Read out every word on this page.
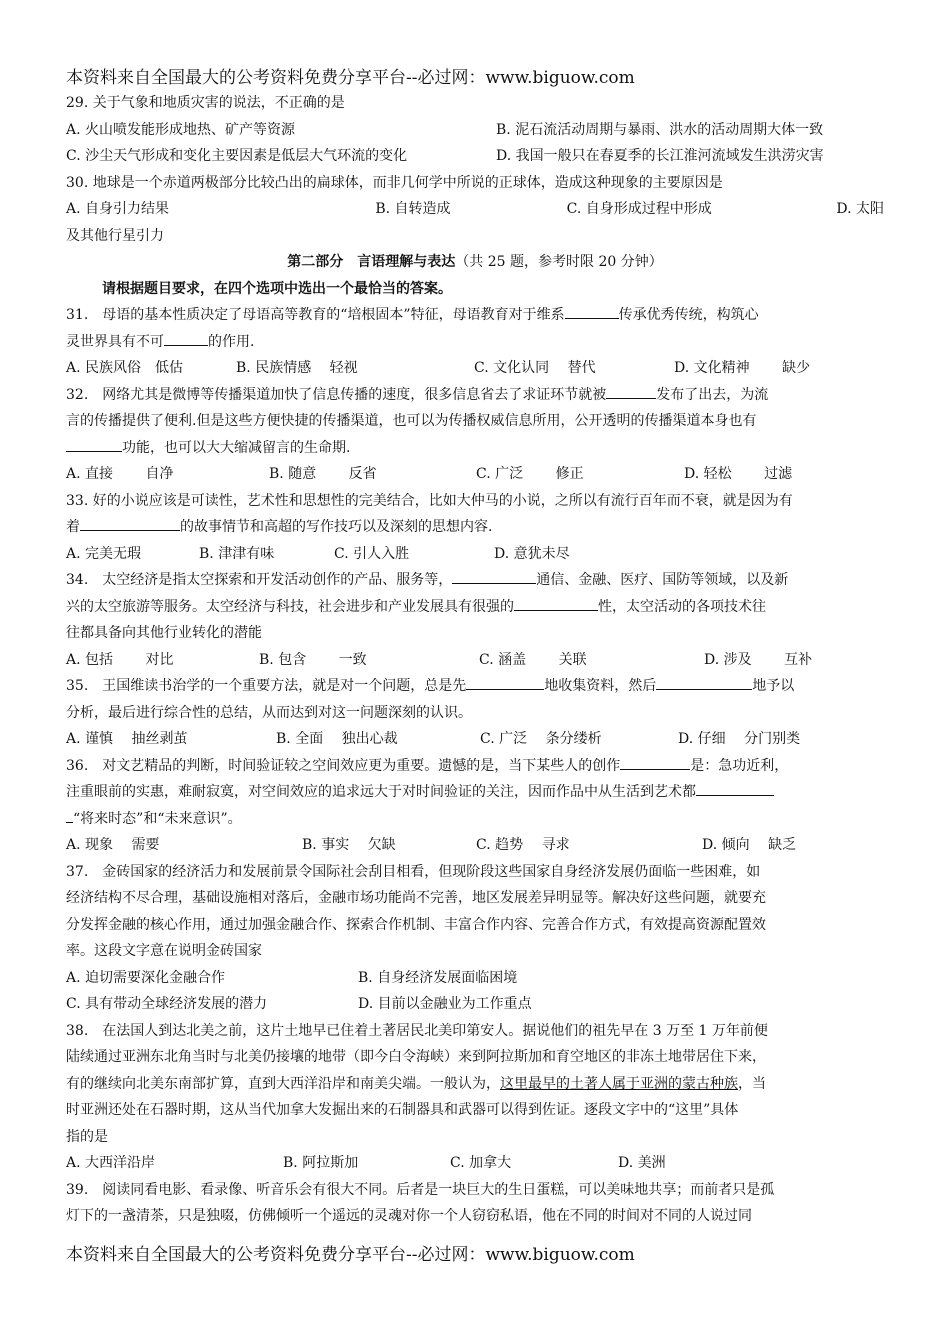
本资料来自全国最大的公考资料免费分享平台--必过网：www.biguow.com

29. 关于气象和地质灾害的说法，不正确的是

A. 火山喷发能形成地热、矿产等资源	B. 泥石流活动周期与暴雨、洪水的活动周期大体一致
C. 沙尘天气形成和变化主要因素是低层大气环流的变化	D. 我国一般只在春夏季的长江淮河流域发生洪涝灾害

30. 地球是一个赤道两极部分比较凸出的扁球体，而非几何学中所说的正球体，造成这种现象的主要原因是

A. 自身引力结果	B. 自转造成	C. 自身形成过程中形成	D. 太阳

及其他行星引力

第二部分　言语理解与表达（共 25 题，参考时限 20 分钟）

请根据题目要求，在四个选项中选出一个最恰当的答案。

31.　母语的基本性质决定了母语高等教育的“培根固本”特征，母语教育对于维系	传承优秀传统，构筑心

灵世界具有不可	的作用.

A. 民族风俗　低估	B. 民族情感　 轻视	C. 文化认同　 替代	D. 文化精神　　 缺少

32.　网络尤其是微博等传播渠道加快了信息传播的速度，很多信息省去了求证环节就被	发布了出去，为流

言的传播提供了便利.但是这些方便快捷的传播渠道，也可以为传播权威信息所用，公开透明的传播渠道本身也有

功能，也可以大大缩减留言的生命期.

A. 直接　　 自净	B. 随意　　 反省	C. 广泛　　 修正	D. 轻松　　 过滤

33. 好的小说应该是可读性，艺术性和思想性的完美结合，比如大仲马的小说，之所以有流行百年而不衰，就是因为有

着	的故事情节和高超的写作技巧以及深刻的思想内容.

A. 完美无瑕	B. 津津有味	C. 引人入胜	D. 意犹未尽

34.　太空经济是指太空探索和开发活动创作的产品、服务等，	通信、金融、医疗、国防等领域，以及新

兴的太空旅游等服务。太空经济与科技，社会进步和产业发展具有很强的	性，太空活动的各项技术往

往都具备向其他行业转化的潜能

A. 包括　　 对比	B. 包含　　 一致	C. 涵盖　　 关联	D. 涉及　　 互补

35.　王国维读书治学的一个重要方法，就是对一个问题，总是先	地收集资料，然后	地予以

分析，最后进行综合性的总结，从而达到对这一问题深刻的认识。

A. 谨慎　 抽丝剥茧	B. 全面　 独出心裁	C. 广泛　 条分缕析	D. 仔细　 分门别类

36.　对文艺精品的判断，时间验证较之空间效应更为重要。遗憾的是，当下某些人的创作	是：急功近利，

注重眼前的实惠，难耐寂寞，对空间效应的追求远大于对时间验证的关注，因而作品中从生活到艺术都

“将来时态”和“未来意识”。

A. 现象　 需要	B. 事实　 欠缺	C. 趋势　 寻求	D. 倾向　 缺乏

37.　金砖国家的经济活力和发展前景令国际社会刮目相看，但现阶段这些国家自身经济发展仍面临一些困难，如

经济结构不尽合理，基础设施相对落后，金融市场功能尚不完善，地区发展差异明显等。解决好这些问题，就要充

分发挥金融的核心作用，通过加强金融合作、探索合作机制、丰富合作内容、完善合作方式，有效提高资源配置效

率。这段文字意在说明金砖国家

A. 迫切需要深化金融合作	B. 自身经济发展面临困境
C. 具有带动全球经济发展的潜力	D. 目前以金融业为工作重点

38.　在法国人到达北美之前，这片土地早已住着土著居民北美印第安人。据说他们的祖先早在 3 万至 1 万年前便

陆续通过亚洲东北角当时与北美仍接壤的地带（即今白令海峡）来到阿拉斯加和育空地区的非冻土地带居住下来，

有的继续向北美东南部扩算，直到大西洋沿岸和南美尖端。一般认为，这里最早的土著人属于亚洲的蒙古种族，当

时亚洲还处在石器时期，这从当代加拿大发掘出来的石制器具和武器可以得到佐证。逐段文字中的“这里”具体

指的是

A. 大西洋沿岸	B. 阿拉斯加	C. 加拿大	D. 美洲

39.　阅读同看电影、看录像、听音乐会有很大不同。后者是一块巨大的生日蛋糕，可以美味地共享；而前者只是孤

灯下的一盏清茶，只是独啜，仿佛倾听一个遥远的灵魂对你一个人窃窃私语，他在不同的时间对不同的人说过同

本资料来自全国最大的公考资料免费分享平台--必过网：www.biguow.com
